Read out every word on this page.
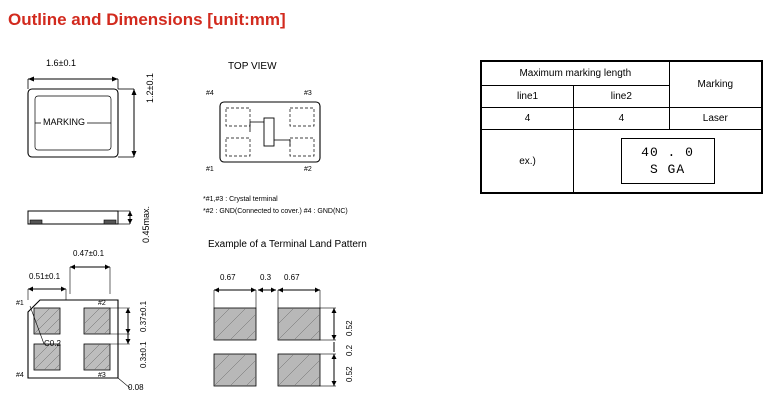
Outline and Dimensions [unit:mm]
1.6±0.1
1.2±0.1
MARKING
0.45max.
0.47±0.1
0.51±0.1
0.37±0.1
0.3±0.1
C0.2
0.08
#1	#2
#4	#3
TOP VIEW
#4	#3
#1	#2
*#1,#3 : Crystal terminal
*#2 : GND(Connected to cover.) #4 : GND(NC)
Example of a Terminal Land Pattern
0.67	0.3 0.67
0.52
0.2
0.52
Maximum marking length		Marking
line1	line2	
4	4	Laser
ex.)	40 . 0
S GA	
